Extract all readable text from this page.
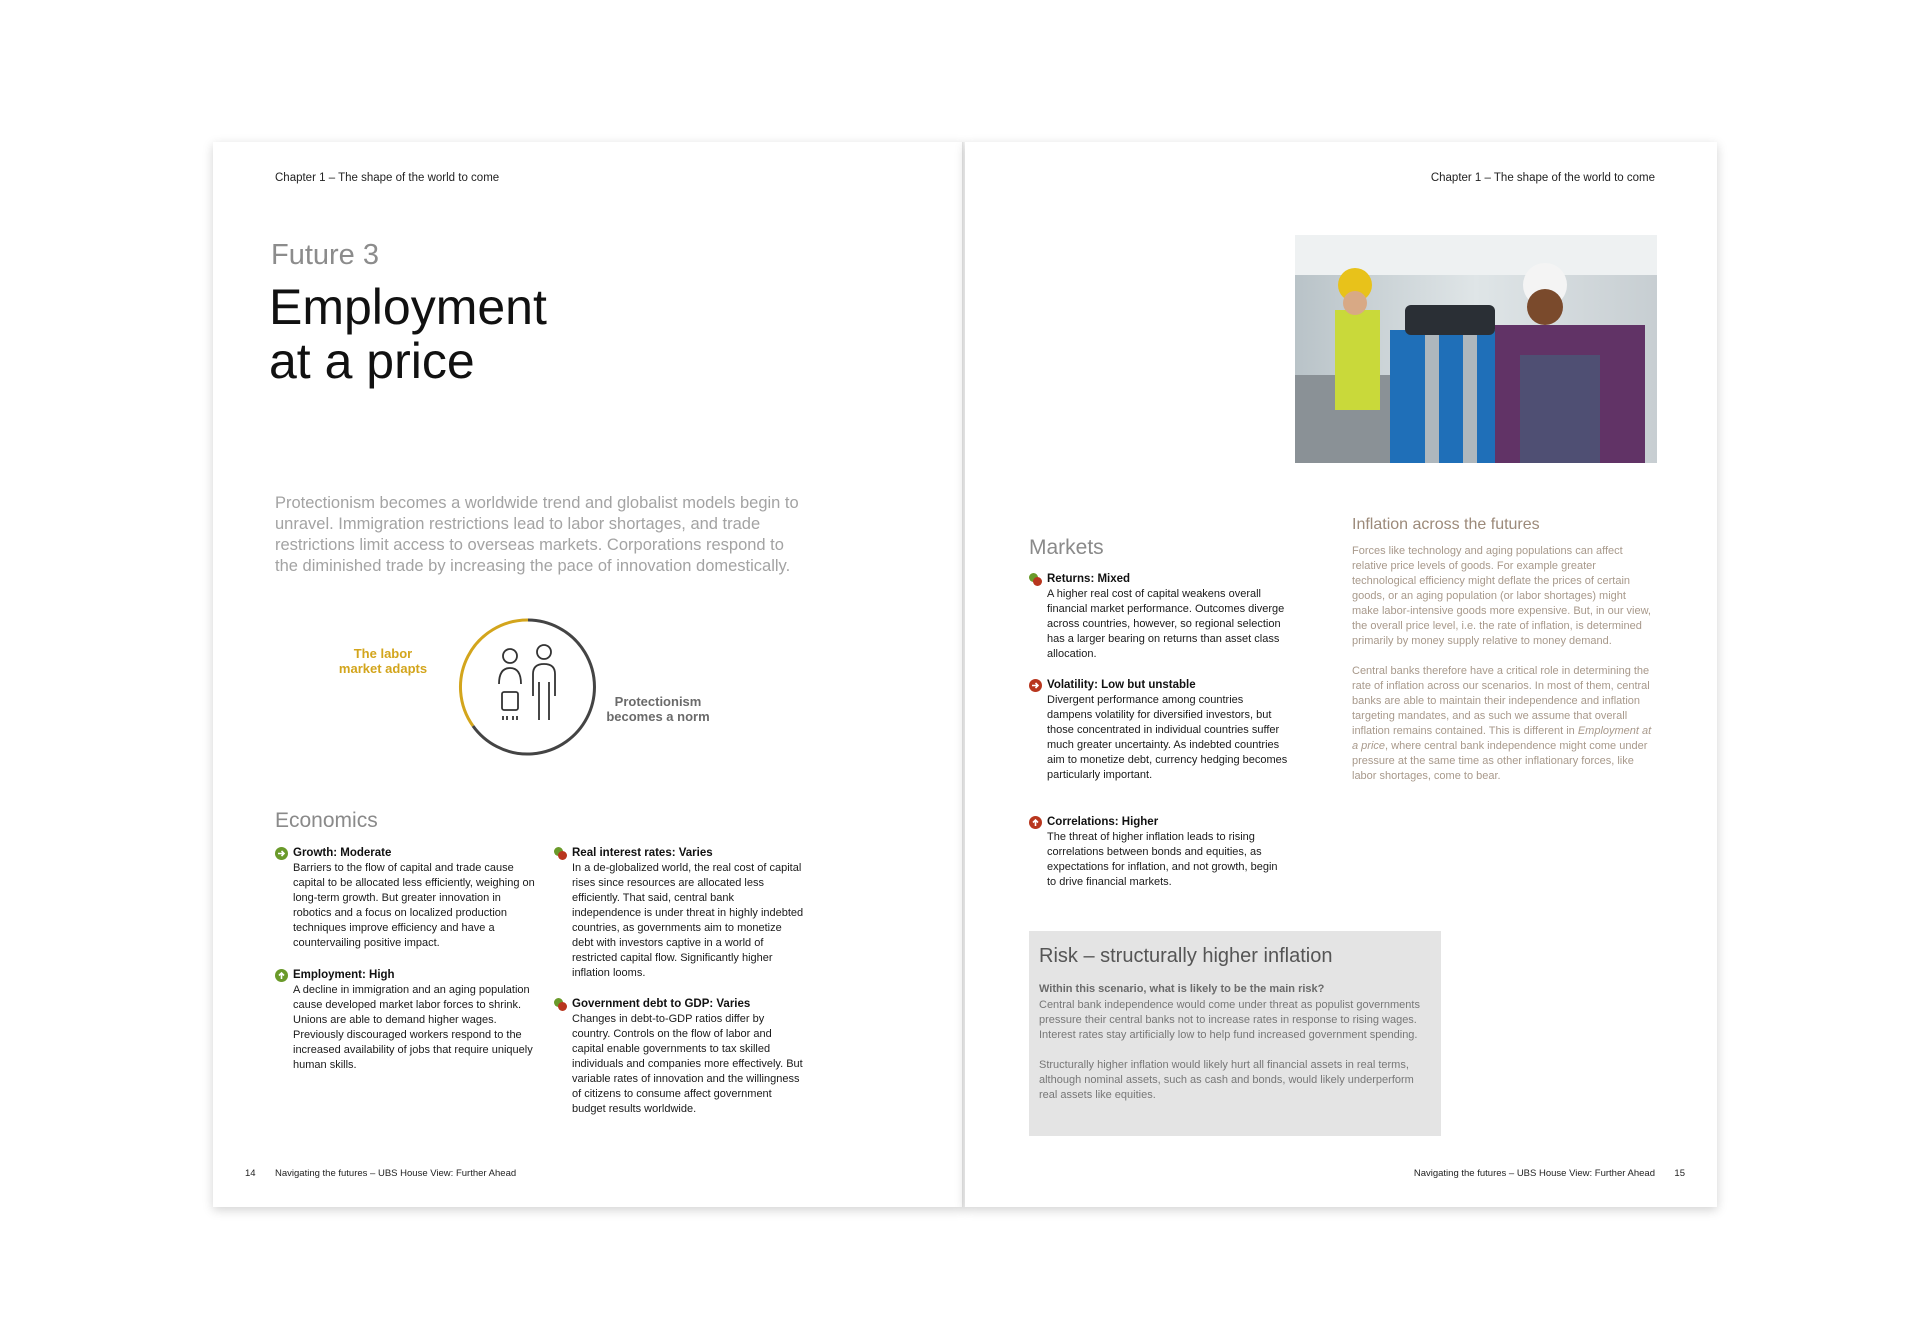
Chapter 1 – The shape of the world to come
Future 3
Employment
at a price
Protectionism becomes a worldwide trend and globalist models begin to unravel. Immigration restrictions lead to labor shortages, and trade restrictions limit access to overseas markets. Corporations respond to the diminished trade by increasing the pace of innovation domestically.
The labor market adapts
Protectionism becomes a norm
Economics
Growth: Moderate
Barriers to the flow of capital and trade cause capital to be allocated less efficiently, weighing on long-term growth. But greater innovation in robotics and a focus on localized production techniques improve efficiency and have a countervailing positive impact.
Employment: High
A decline in immigration and an aging population cause developed market labor forces to shrink. Unions are able to demand higher wages. Previously discouraged workers respond to the increased availability of jobs that require uniquely human skills.
Real interest rates: Varies
In a de-globalized world, the real cost of capital rises since resources are allocated less efficiently. That said, central bank independence is under threat in highly indebted countries, as governments aim to monetize debt with investors captive in a world of restricted capital flow. Significantly higher inflation looms.
Government debt to GDP: Varies
Changes in debt-to-GDP ratios differ by country. Controls on the flow of labor and capital enable governments to tax skilled individuals and companies more effectively. But variable rates of innovation and the willingness of citizens to consume affect government budget results worldwide.
14 Navigating the futures – UBS House View: Further Ahead
Chapter 1 – The shape of the world to come
Markets
Returns: Mixed
A higher real cost of capital weakens overall financial market performance. Outcomes diverge across countries, however, so regional selection has a larger bearing on returns than asset class allocation.
Volatility: Low but unstable
Divergent performance among countries dampens volatility for diversified investors, but those concentrated in individual countries suffer much greater uncertainty. As indebted countries aim to monetize debt, currency hedging becomes particularly important.
Correlations: Higher
The threat of higher inflation leads to rising correlations between bonds and equities, as expectations for inflation, and not growth, begin to drive financial markets.
Inflation across the futures

Forces like technology and aging populations can affect relative price levels of goods. For example greater technological efficiency might deflate the prices of certain goods, or an aging population (or labor shortages) might make labor-intensive goods more expensive. But, in our view, the overall price level, i.e. the rate of inflation, is determined primarily by money supply relative to money demand.

Central banks therefore have a critical role in determining the rate of inflation across our scenarios. In most of them, central banks are able to maintain their independence and inflation targeting mandates, and as such we assume that overall inflation remains contained. This is different in Employment at a price, where central bank independence might come under pressure at the same time as other inflationary forces, like labor shortages, come to bear.

Risk – structurally higher inflation
Within this scenario, what is likely to be the main risk?

Central bank independence would come under threat as populist governments pressure their central banks not to increase rates in response to rising wages. Interest rates stay artificially low to help fund increased government spending.

Structurally higher inflation would likely hurt all financial assets in real terms, although nominal assets, such as cash and bonds, would likely underperform real assets like equities.

Navigating the futures – UBS House View: Further Ahead 15
